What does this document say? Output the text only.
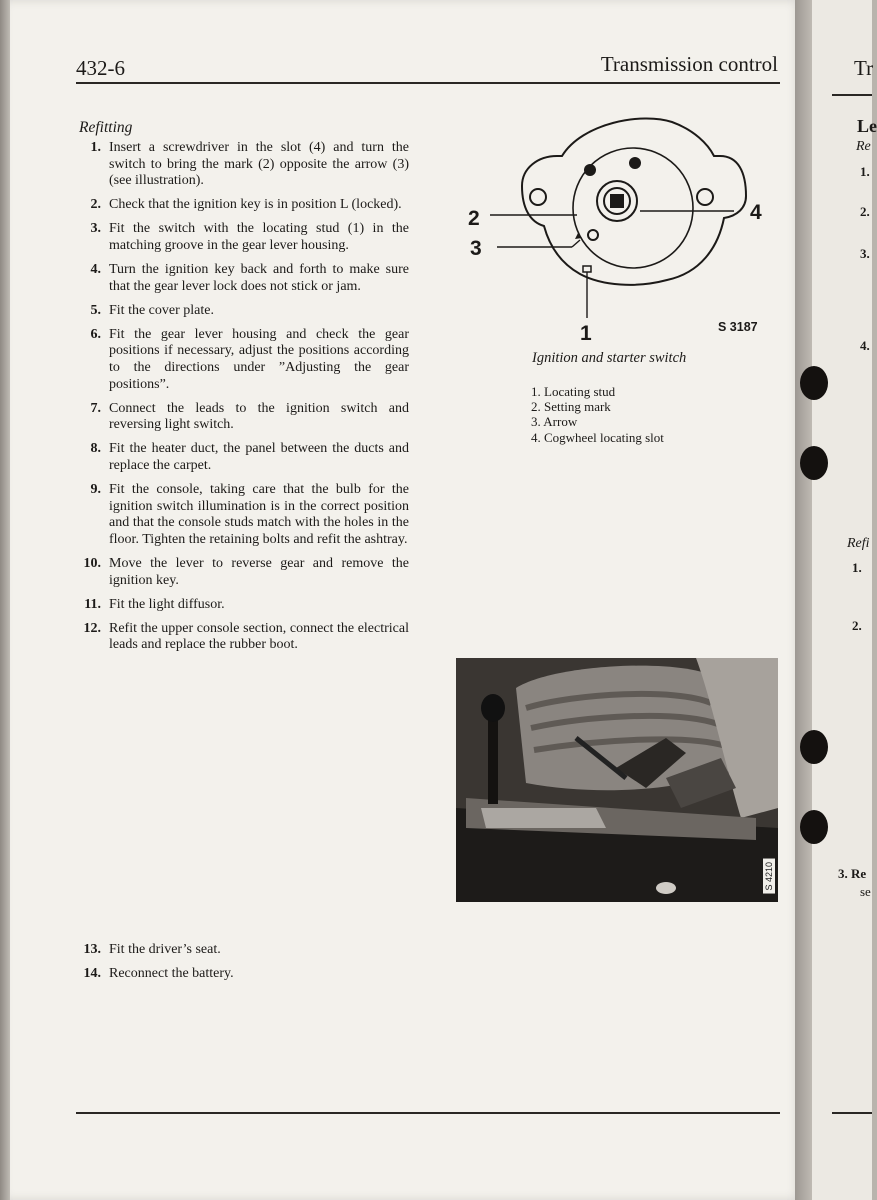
432-6	Transmission control
Refitting
1. Insert a screwdriver in the slot (4) and turn the switch to bring the mark (2) opposite the arrow (3) (see illustration).
2. Check that the ignition key is in position L (locked).
3. Fit the switch with the locating stud (1) in the matching groove in the gear lever housing.
4. Turn the ignition key back and forth to make sure that the gear lever lock does not stick or jam.
5. Fit the cover plate.
6. Fit the gear lever housing and check the gear positions if necessary, adjust the positions according to the directions under ”Adjusting the gear positions”.
7. Connect the leads to the ignition switch and reversing light switch.
8. Fit the heater duct, the panel between the ducts and replace the carpet.
9. Fit the console, taking care that the bulb for the ignition switch illumination is in the correct position and that the console studs match with the holes in the floor. Tighten the retaining bolts and refit the ashtray.
10. Move the lever to reverse gear and remove the ignition key.
11. Fit the light diffusor.
12. Refit the upper console section, connect the electrical leads and replace the rubber boot.
13. Fit the driver’s seat.
14. Reconnect the battery.
2
3
4
1	S 3187
Ignition and starter switch
1. Locating stud
2. Setting mark
3. Arrow
4. Cogwheel locating slot
S 4210
Tr
Le
Re
1.
2.
3.
4.
Refi
1.
2.
3. Re
se
